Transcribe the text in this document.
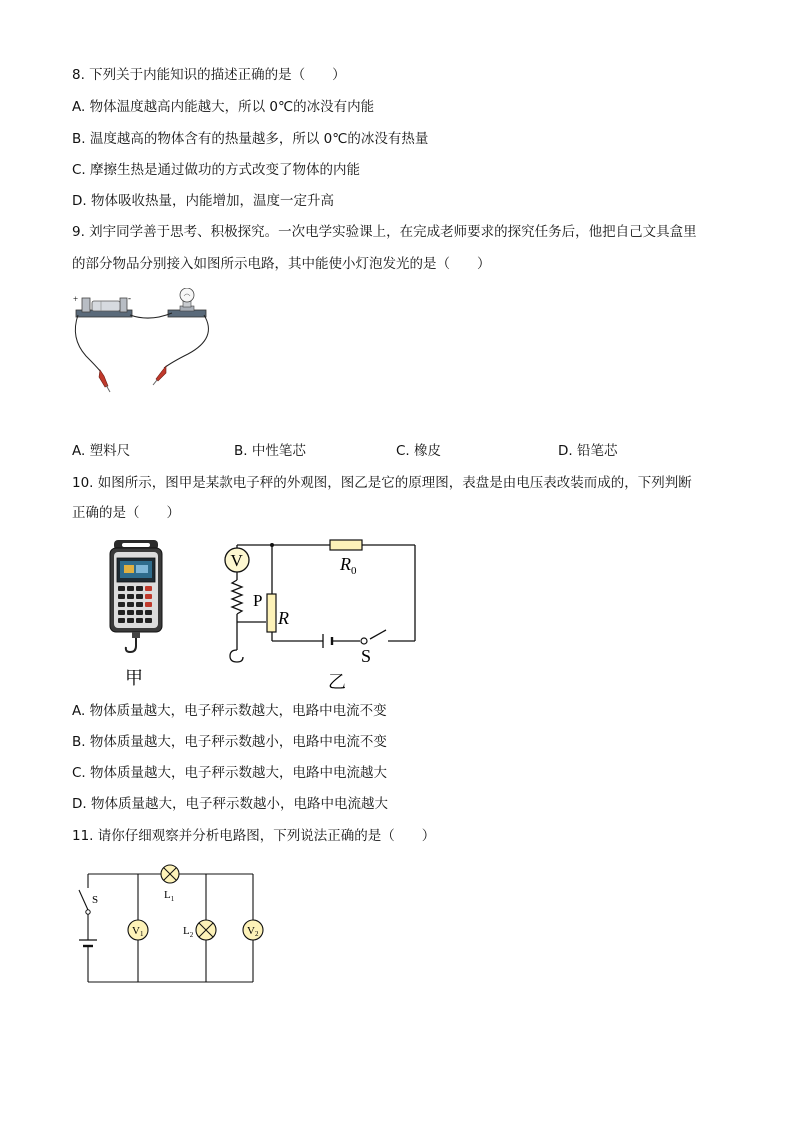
8. 下列关于内能知识的描述正确的是（　　）
A. 物体温度越高内能越大，所以 0℃的冰没有内能
B. 温度越高的物体含有的热量越多，所以 0℃的冰没有热量
C. 摩擦生热是通过做功的方式改变了物体的内能
D. 物体吸收热量，内能增加，温度一定升高
9. 刘宇同学善于思考、积极探究。一次电学实验课上，在完成老师要求的探究任务后，他把自己文具盒里
的部分物品分别接入如图所示电路，其中能使小灯泡发光的是（　　）
+	-
A. 塑料尺	B. 中性笔芯	C. 橡皮	D. 铅笔芯
10. 如图所示，图甲是某款电子秤的外观图，图乙是它的原理图，表盘是由电压表改装而成的，下列判断
正确的是（　　）
甲
V	$R_0$
P
R
S
乙
A. 物体质量越大，电子秤示数越大，电路中电流不变
B. 物体质量越大，电子秤示数越小，电路中电流不变
C. 物体质量越大，电子秤示数越大，电路中电流越大
D. 物体质量越大，电子秤示数越小，电路中电流越大
11. 请你仔细观察并分析电路图，下列说法正确的是（　　）
S	$L_1$
V1	$L_2$	V2
